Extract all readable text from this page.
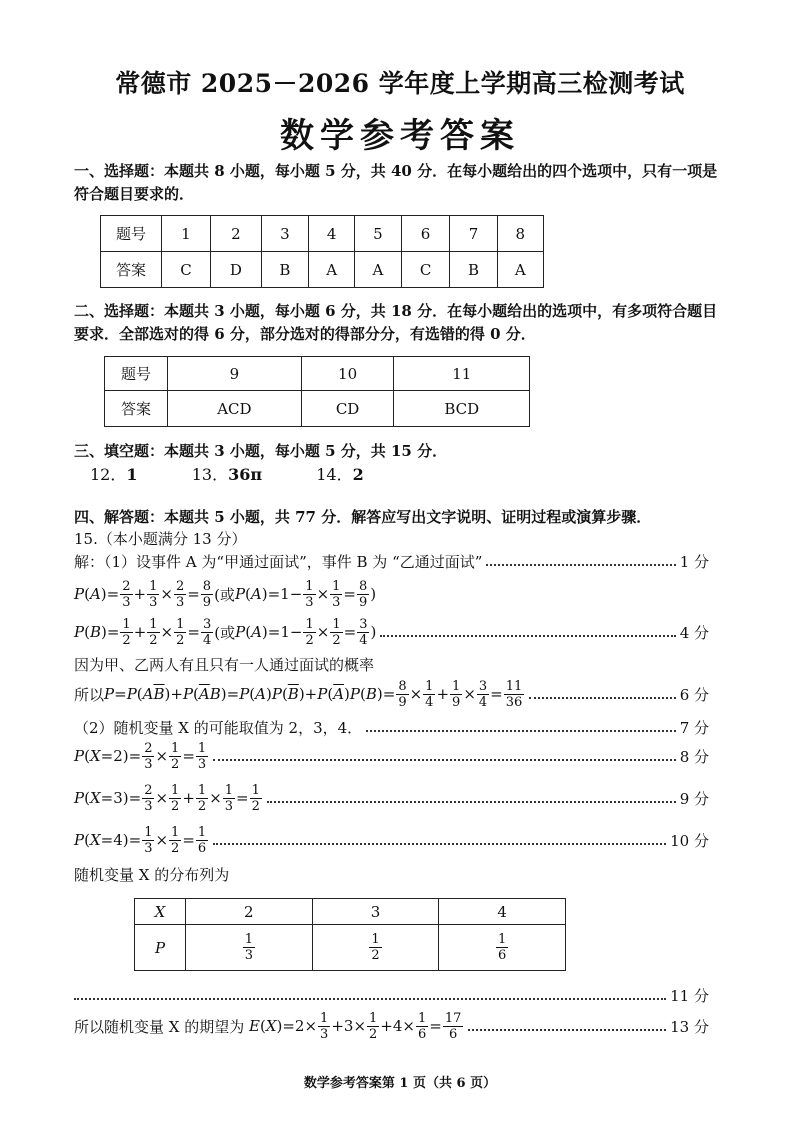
常德市 2025－2026 学年度上学期高三检测考试
数学参考答案
一、选择题：本题共 8 小题，每小题 5 分，共 40 分．在每小题给出的四个选项中，只有一项是符合题目要求的．
题号	1	2	3	4	5	6	7	8
答案	C	D	B	A	A	C	B	A
二、选择题：本题共 3 小题，每小题 6 分，共 18 分．在每小题给出的选项中，有多项符合题目要求．全部选对的得 6 分，部分选对的得部分分，有选错的得 0 分．
题号	9	10	11
答案	ACD	CD	BCD
三、填空题：本题共 3 小题，每小题 5 分，共 15 分．
12．1	13．36π	14．2
四、解答题：本题共 5 小题，共 77 分．解答应写出文字说明、证明过程或演算步骤．
15.（本小题满分 13 分）
解：（1）设事件 A 为“甲通过面试”，事件 B 为 “乙通过面试”	1 分
P ( A )= $\frac{2}{3} + \frac{1}{3} \times \frac{2}{3} = \frac{8}{9}$ (或 P ( A )$=1- \frac{1}{3} \times \frac{1}{3} = \frac{8}{9}$ )
P ( B )= $\frac{1}{2} + \frac{1}{2} \times \frac{1}{2} = \frac{3}{4}$ (或 P ( A )$=1- \frac{1}{2} \times \frac{1}{2} = \frac{3}{4}$ )	4 分
因为甲、乙两人有且只有一人通过面试的概率
所以 P = P ( A $\overline{B}$ )+ P ( $\overline{A}$ B )= P ( A ) P ( $\overline{B}$ )+ P ( $\overline{A}$ ) P ( B )= $\frac{8}{9} \times \frac{1}{4} + \frac{1}{9} \times \frac{3}{4} = \frac{11}{36}$	6 分
（2）随机变量 X 的可能取值为 2，3，4．	7 分
P ( $X =2)= \frac{2}{3} \times \frac{1}{2} = \frac{1}{3}$	8 分
P ( $X =3)= \frac{2}{3} \times \frac{1}{2} + \frac{1}{2} \times \frac{1}{3} = \frac{1}{2}$	9 分
P ( $X =4)= \frac{1}{3} \times \frac{1}{2} = \frac{1}{6}$	10 分
随机变量 X 的分布列为
X	2	3	4
P	$\frac{1}{3}$	$\frac{1}{2}$	$\frac{1}{6}$
11 分
所以随机变量 X 的期望为
E ( X )$=2\times \frac{1}{3} +3\times \frac{1}{2} +4\times \frac{1}{6} = \frac{17}{6}$	13 分
数学参考答案第 1 页（共 6 页）
